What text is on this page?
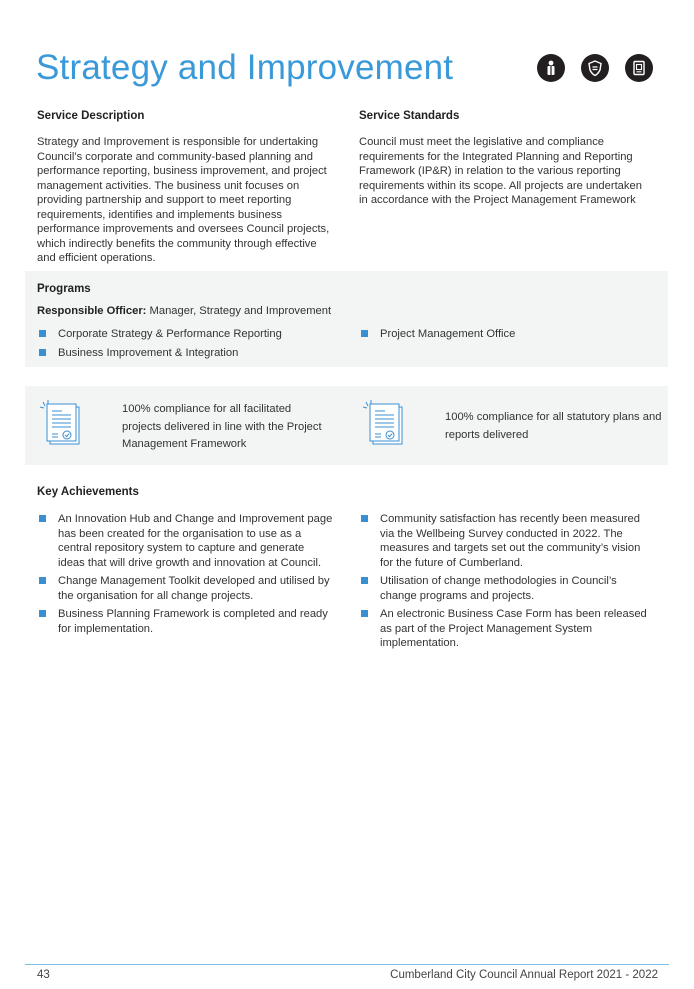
Strategy and Improvement
Service Description

Strategy and Improvement is responsible for undertaking Council’s corporate and community-based planning and performance reporting, business improvement, and project management activities. The business unit focuses on providing partnership and support to meet reporting requirements, identifies and implements business performance improvements and oversees Council projects, which indirectly benefits the community through effective and efficient operations.

Service Standards

Council must meet the legislative and compliance requirements for the Integrated Planning and Reporting Framework (IP&R) in relation to the various reporting requirements within its scope. All projects are undertaken in accordance with the Project Management Framework

Programs
Responsible Officer: Manager, Strategy and Improvement
Corporate Strategy & Performance Reporting
Business Improvement & Integration
Project Management Office
100% compliance for all facilitated projects delivered in line with the Project Management Framework
100% compliance for all statutory plans and reports delivered
Key Achievements
An Innovation Hub and Change and Improvement page has been created for the organisation to use as a central repository system to capture and generate ideas that will drive growth and innovation at Council.
Change Management Toolkit developed and utilised by the organisation for all change projects.
Business Planning Framework is completed and ready for implementation.
Community satisfaction has recently been measured via the Wellbeing Survey conducted in 2022. The measures and targets set out the community’s vision for the future of Cumberland.
Utilisation of change methodologies in Council’s change programs and projects.
An electronic Business Case Form has been released as part of the Project Management System implementation.
43	Cumberland City Council Annual Report 2021 - 2022
